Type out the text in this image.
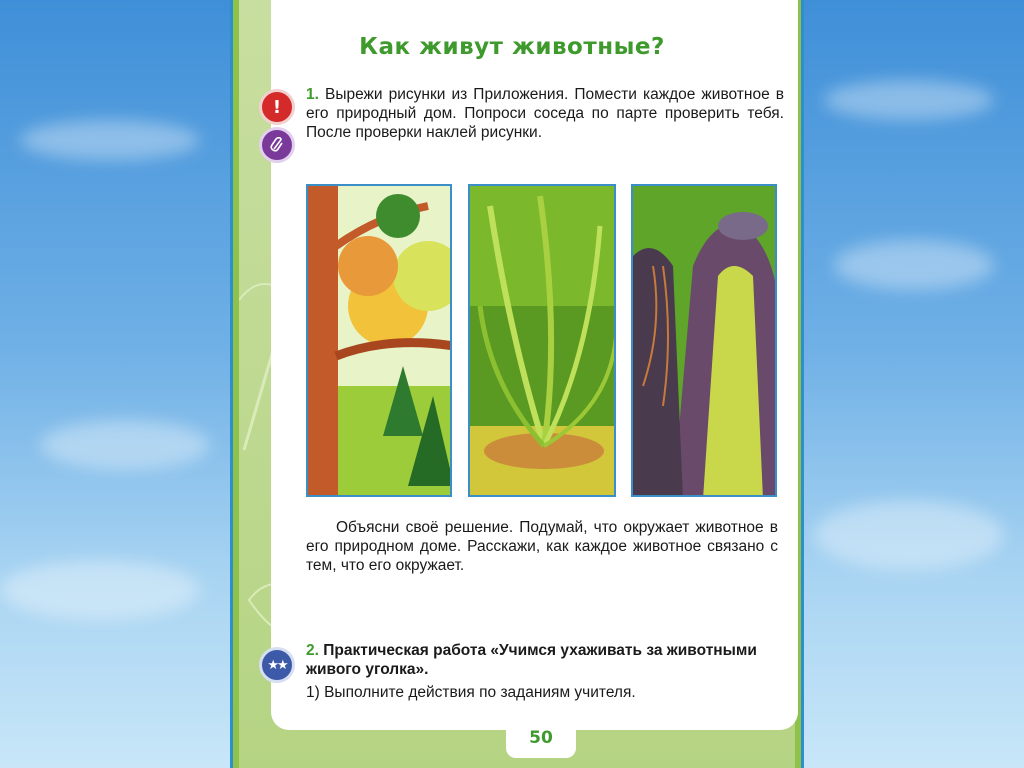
Как живут животные?
!
1. Вырежи рисунки из Приложения. Помести каждое животное в его природный дом. Попроси соседа по парте проверить тебя. После проверки наклей рисунки.
Объясни своё решение. Подумай, что окружает животное в его природном доме. Расскажи, как каждое животное связано с тем, что его окружает.
★★
2. Практическая работа «Учимся ухаживать за животными живого уголка».
1) Выполните действия по заданиям учителя.
50
